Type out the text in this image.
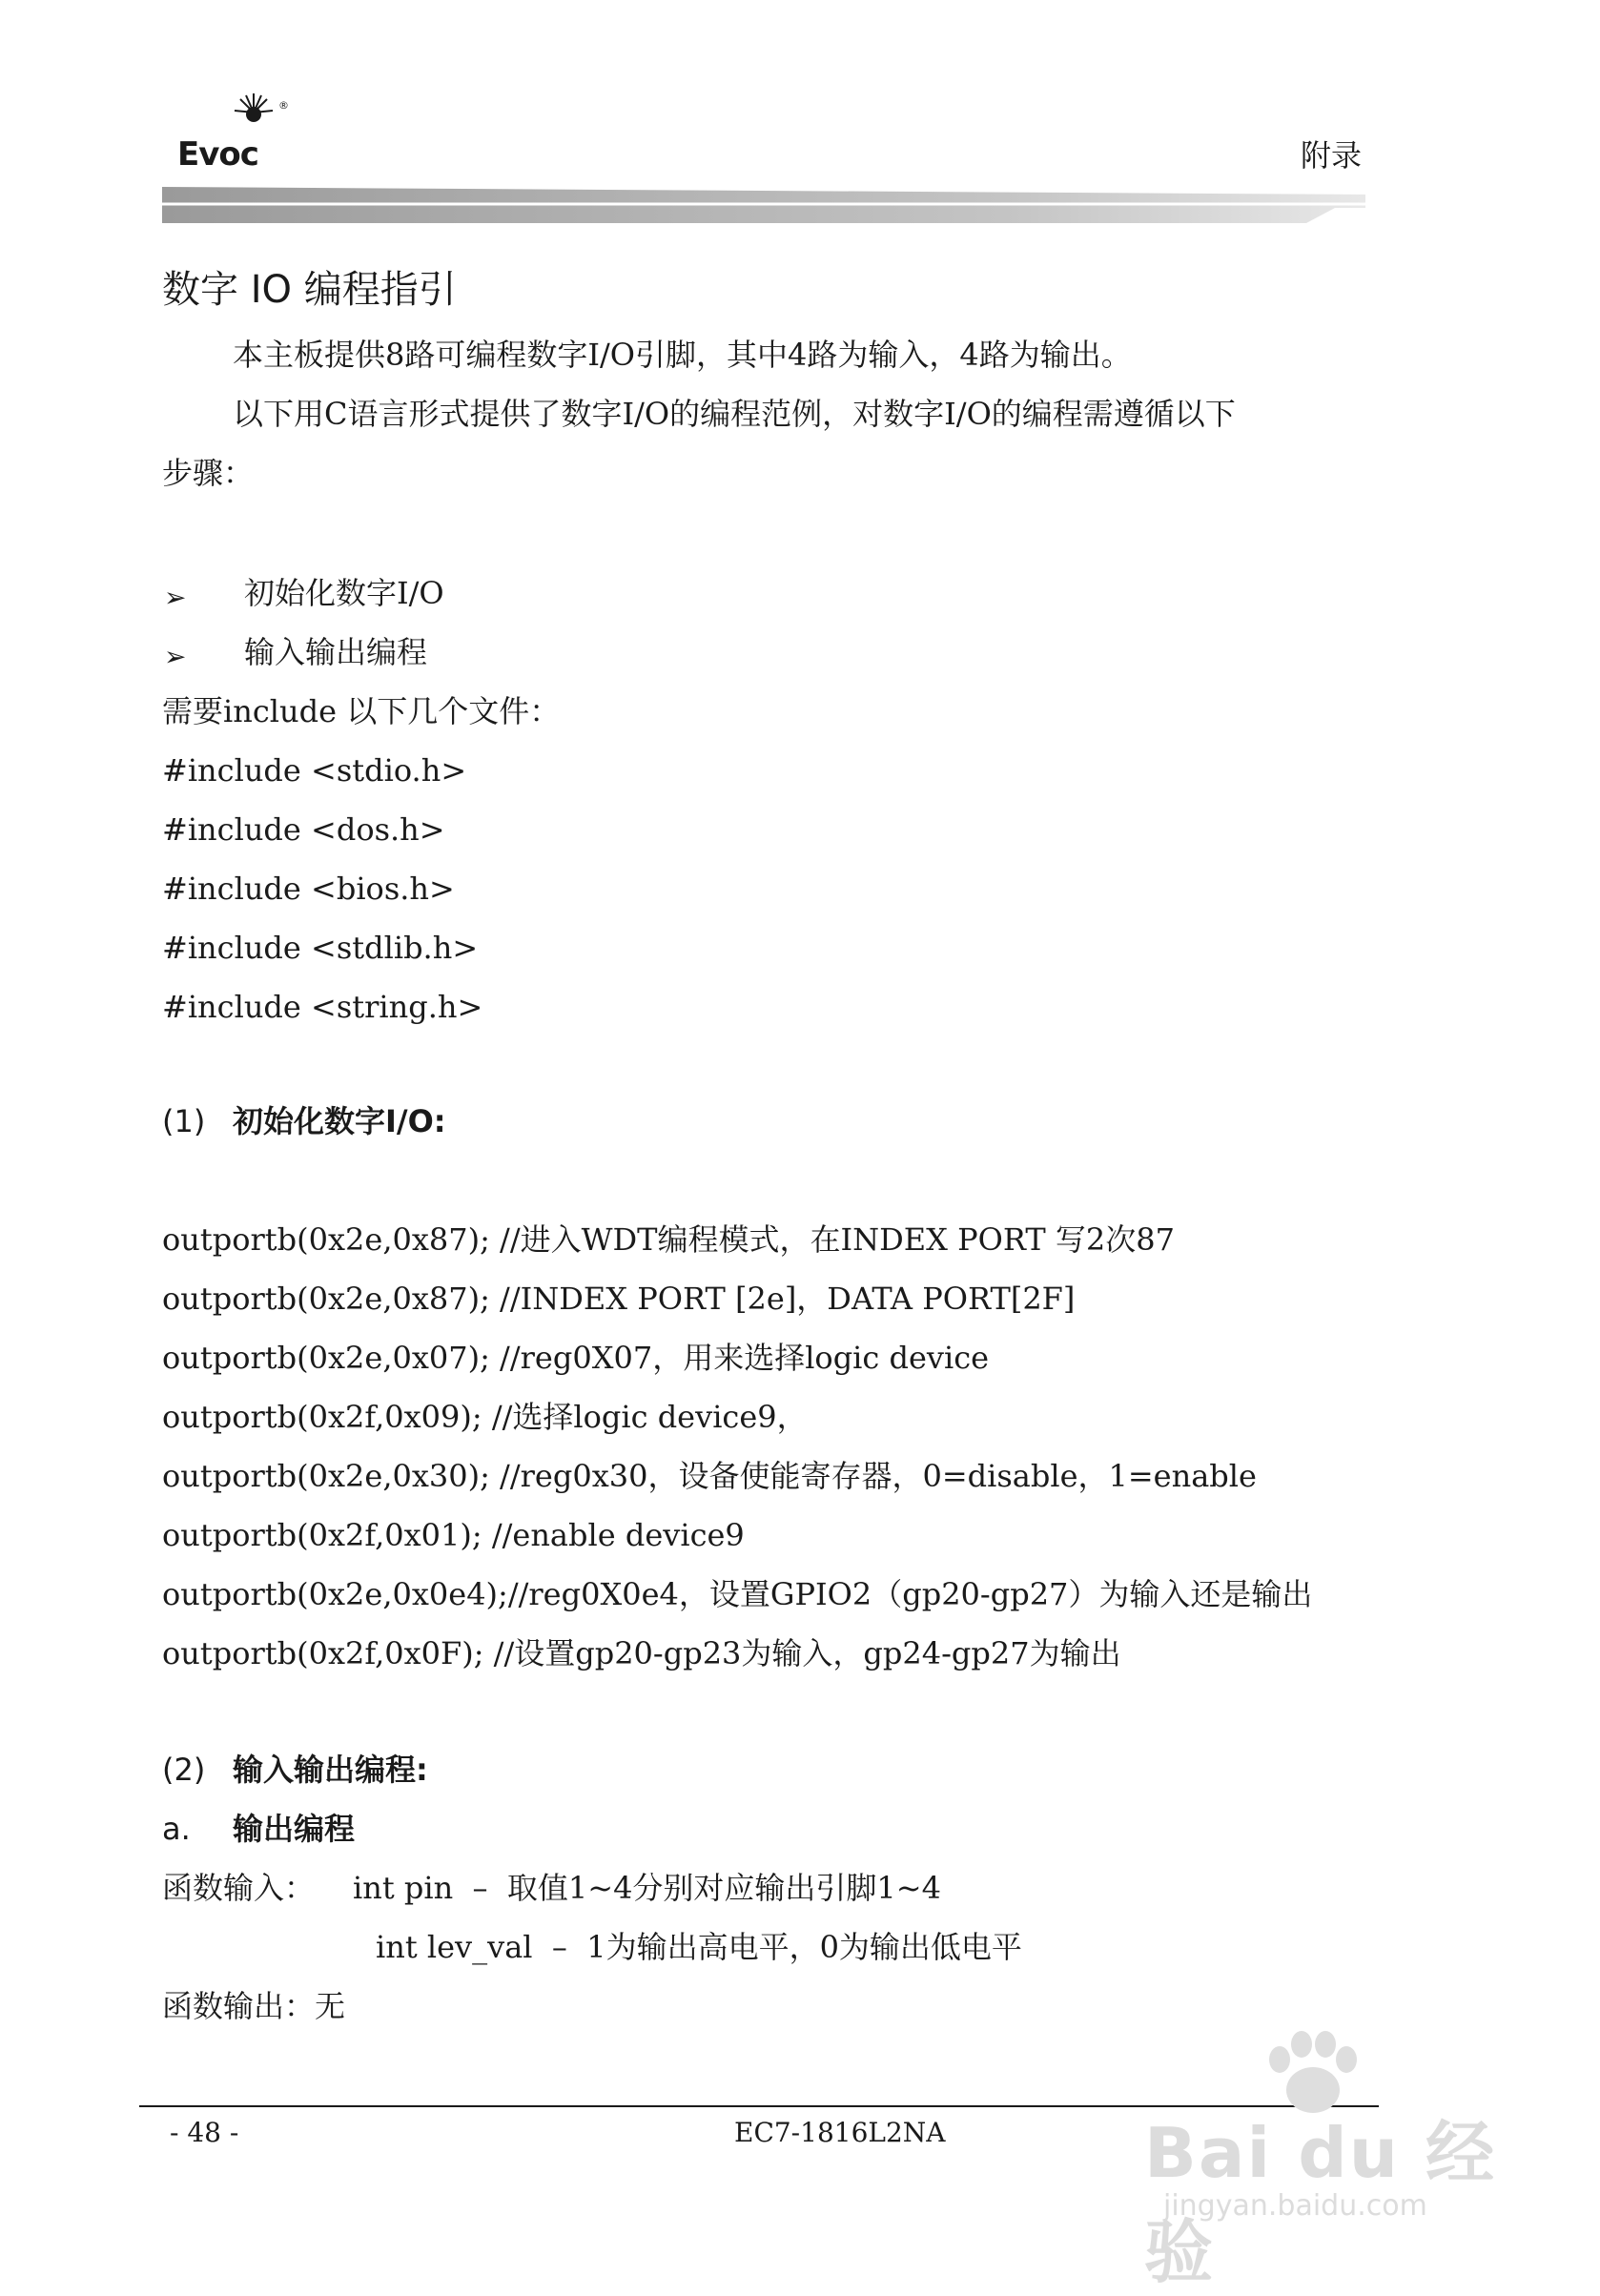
®
Evoc	附录
数字 IO 编程指引
本主板提供8路可编程数字I/O引脚，其中4路为输入，4路为输出。
以下用C语言形式提供了数字I/O的编程范例，对数字I/O的编程需遵循以下
步骤：
➢ 初始化数字I/O
➢ 输入输出编程
需要include 以下几个文件：
#include <stdio.h>
#include <dos.h>
#include <bios.h>
#include <stdlib.h>
#include <string.h>
(1) 初始化数字I/O:
outportb(0x2e,0x87); //进入WDT编程模式，在INDEX PORT 写2次87
outportb(0x2e,0x87); //INDEX PORT [2e]，DATA PORT[2F]
outportb(0x2e,0x07); //reg0X07，用来选择logic device
outportb(0x2f,0x09); //选择logic device9，
outportb(0x2e,0x30); //reg0x30，设备使能寄存器，0=disable，1=enable
outportb(0x2f,0x01); //enable device9
outportb(0x2e,0x0e4);//reg0X0e4，设置GPIO2（gp20-gp27）为输入还是输出
outportb(0x2f,0x0F); //设置gp20-gp23为输入，gp24-gp27为输出
(2) 输入输出编程:
a. 输出编程
函数输入： int pin  –  取值1~4分别对应输出引脚1~4
int lev_val  –  1为输出高电平，0为输出低电平
函数输出：无
- 48 -	EC7-1816L2NA	Bai du 经验
jingyan.baidu.com
